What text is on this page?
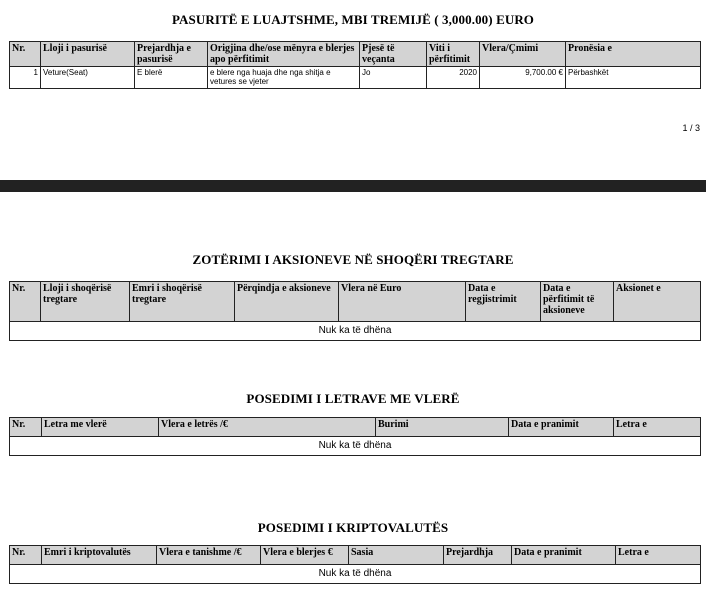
PASURITË E LUAJTSHME, MBI TREMIJË ( 3,000.00) EURO
Nr.	Lloji i pasurisë	Prejardhja e pasurisë	Origjina dhe/ose mënyra e blerjes apo përfitimit	Pjesë të veçanta	Viti i përfitimit	Vlera/Çmimi	Pronësia e
1	Veture(Seat)	E blerë	e blere nga huaja dhe nga shitja e vetures se vjeter	Jo	2020	9,700.00 €	Përbashkët
1 / 3
ZOTËRIMI I AKSIONEVE NË SHOQËRI TREGTARE
Nr.	Lloji i shoqërisë tregtare	Emri i shoqërisë tregtare	Përqindja e aksioneve	Vlera në Euro	Data e regjistrimit	Data e përfitimit të aksioneve	Aksionet e
Nuk ka të dhëna
POSEDIMI I LETRAVE ME VLERË
Nr.	Letra me vlerë	Vlera e letrës /€	Burimi	Data e pranimit	Letra e
Nuk ka të dhëna
POSEDIMI I KRIPTOVALUTËS
Nr.	Emri i kriptovalutës	Vlera e tanishme /€	Vlera e blerjes €	Sasia	Prejardhja	Data e pranimit	Letra e
Nuk ka të dhëna
